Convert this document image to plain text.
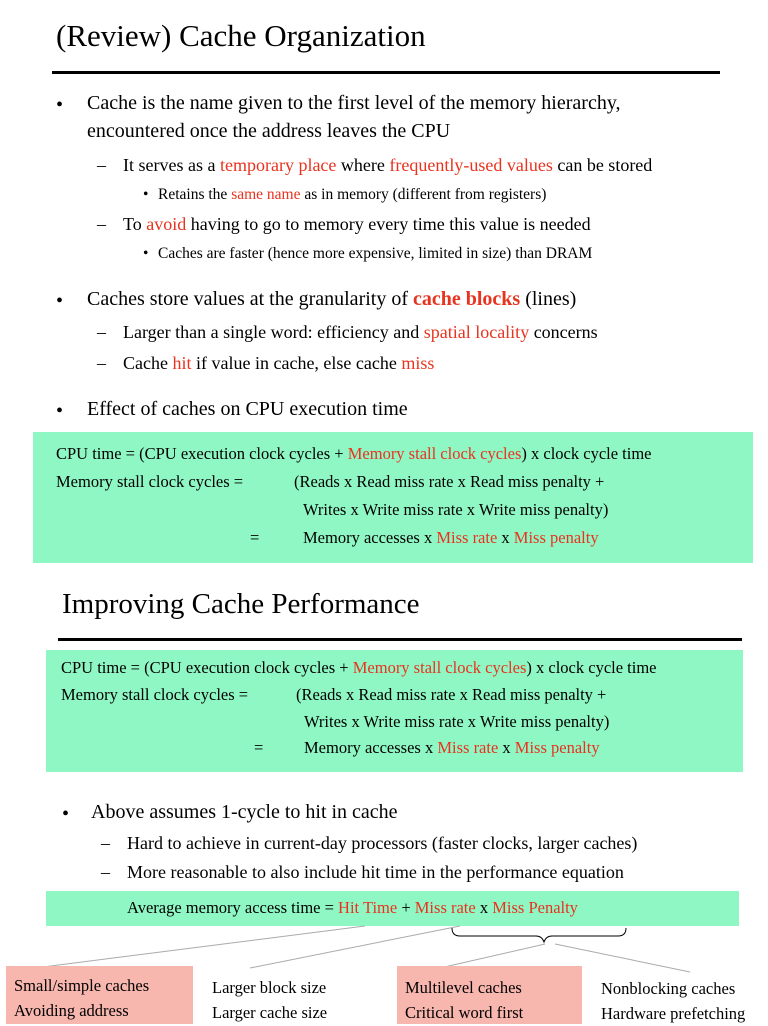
(Review) Cache Organization
• Cache is the name given to the first level of the memory hierarchy,
encountered once the address leaves the CPU
– It serves as a temporary place where frequently-used values can be stored
• Retains the same name as in memory (different from registers)
– To avoid having to go to memory every time this value is needed
• Caches are faster (hence more expensive, limited in size) than DRAM
• Caches store values at the granularity of cache blocks (lines)
– Larger than a single word: efficiency and spatial locality concerns
– Cache hit if value in cache, else cache miss
• Effect of caches on CPU execution time
CPU time = (CPU execution clock cycles + Memory stall clock cycles) x clock cycle time
Memory stall clock cycles =	(Reads x Read miss rate x Read miss penalty +
Writes x Write miss rate x Write miss penalty)
=	Memory accesses x Miss rate x Miss penalty
Improving Cache Performance
CPU time = (CPU execution clock cycles + Memory stall clock cycles) x clock cycle time
Memory stall clock cycles =	(Reads x Read miss rate x Read miss penalty +
Writes x Write miss rate x Write miss penalty)
= Memory accesses x Miss rate x Miss penalty
• Above assumes 1-cycle to hit in cache
– Hard to achieve in current-day processors (faster clocks, larger caches)
– More reasonable to also include hit time in the performance equation
Average memory access time = Hit Time + Miss rate x Miss Penalty
Small/simple caches
Avoiding address
Larger block size
Larger cache size
Multilevel caches
Critical word first
Nonblocking caches
Hardware prefetching
